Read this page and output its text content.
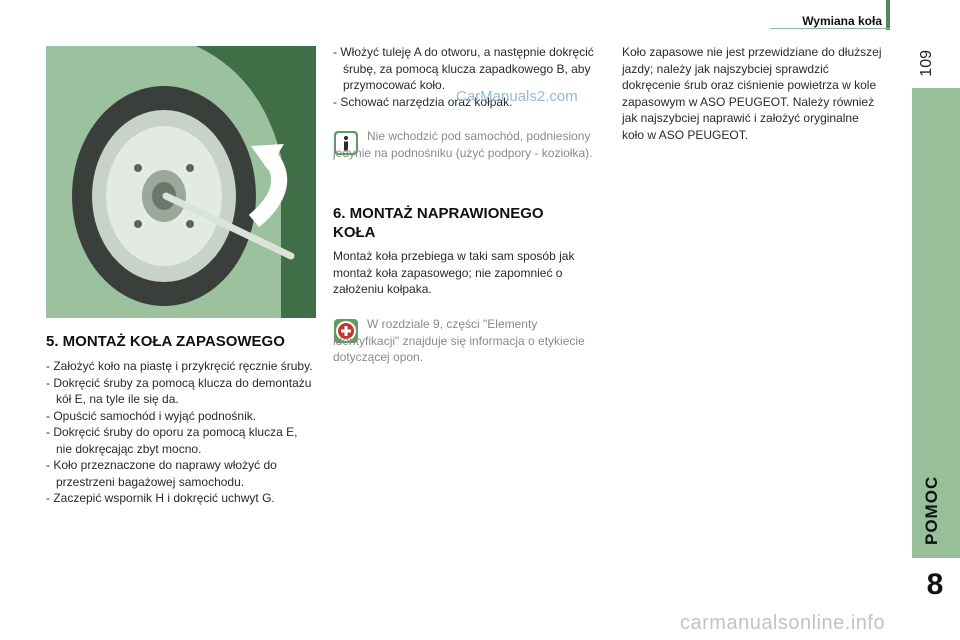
Wymiana koła
109
POMOC
8
5. MONTAŻ KOŁA ZAPASOWEGO
- Założyć koło na piastę i przykręcić ręcznie śruby.
- Dokręcić śruby za pomocą klucza do demontażu kół E, na tyle ile się da.
- Opuścić samochód i wyjąć podnośnik.
- Dokręcić śruby do oporu za pomocą klucza E, nie dokręcając zbyt mocno.
- Koło przeznaczone do naprawy włożyć do przestrzeni bagażowej samochodu.
- Zaczepić wspornik H i dokręcić uchwyt G.
- Włożyć tuleję A do otworu, a następnie dokręcić śrubę, za pomocą klucza zapadkowego B, aby przymocować koło.
- Schować narzędzia oraz kołpak.
CarManuals2.com
Nie wchodzić pod samochód, podniesiony jedynie na podnośniku (użyć podpory - koziołka).
6. MONTAŻ NAPRAWIONEGO
KOŁA
Montaż koła przebiega w taki sam sposób jak montaż koła zapasowego; nie zapomnieć o założeniu kołpaka.
W rozdziale 9, części "Elementy identyfikacji" znajduje się informacja o etykiecie dotyczącej opon.
Koło zapasowe nie jest przewidziane do dłuższej jazdy; należy jak najszybciej sprawdzić dokręcenie śrub oraz ciśnienie powietrza w kole zapasowym w ASO PEUGEOT. Należy również jak najszybciej naprawić i założyć oryginalne koło w ASO PEUGEOT.
carmanualsonline.info
